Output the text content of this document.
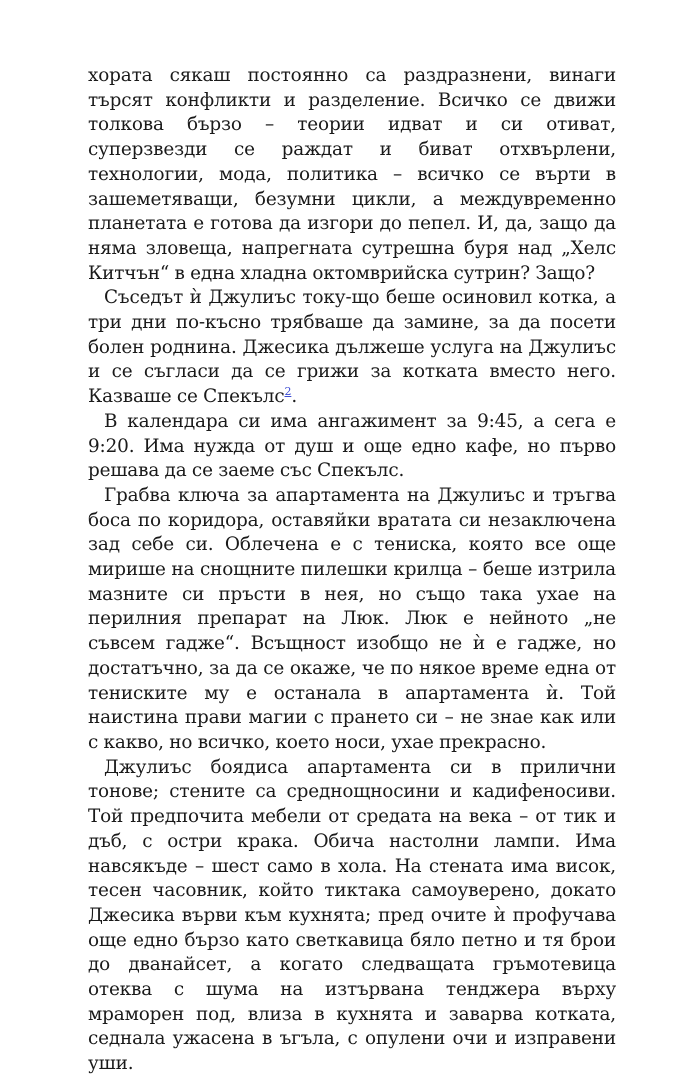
хората сякаш постоянно са раздразнени, винаги търсят конфликти и разделение. Всичко се движи толкова бързо – теории идват и си отиват, суперзвезди се раждат и биват отхвърлени, технологии, мода, политика – всичко се върти в зашеметяващи, безумни цикли, а междувременно планетата е готова да изгори до пепел. И, да, защо да няма зловеща, напрегната сутрешна буря над „Хелс Китчън“ в една хладна октомврийска сутрин? Защо?

Съседът ѝ Джулиъс току-що беше осиновил котка, а три дни по-късно трябваше да замине, за да посети болен роднина. Джесика дължеше услуга на Джулиъс и се съгласи да се грижи за котката вместо него. Казваше се Спекълс$^2$.

В календара си има ангажимент за 9:45, а сега е 9:20. Има нужда от душ и още едно кафе, но първо решава да се заеме със Спекълс.

Грабва ключа за апартамента на Джулиъс и тръгва боса по коридора, оставяйки вратата си незаключена зад себе си. Облечена е с тениска, която все още мирише на снощните пилешки крилца – беше изтрила мазните си пръсти в нея, но също така ухае на перилния препарат на Люк. Люк е нейното „не съвсем гадже“. Всъщност изобщо не ѝ е гадже, но достатъчно, за да се окаже, че по някое време една от тениските му е останала в апартамента ѝ. Той наистина прави магии с прането си – не знае как или с какво, но всичко, което носи, ухае прекрасно.

Джулиъс боядиса апартамента си в прилични тонове; стените са среднощносини и кадифеносиви. Той предпочита мебели от средата на века – от тик и дъб, с остри крака. Обича настолни лампи. Има навсякъде – шест само в хола. На стената има висок, тесен часовник, който тиктака самоуверено, докато Джесика върви към кухнята; пред очите ѝ профучава още едно бързо като светкавица бяло петно и тя брои до дванайсет, а когато следващата гръмотевица отеква с шума на изтървана тенджера върху мраморен под, влиза в кухнята и заварва котката, седнала ужасена в ъгъла, с опулени очи и изправени уши.
